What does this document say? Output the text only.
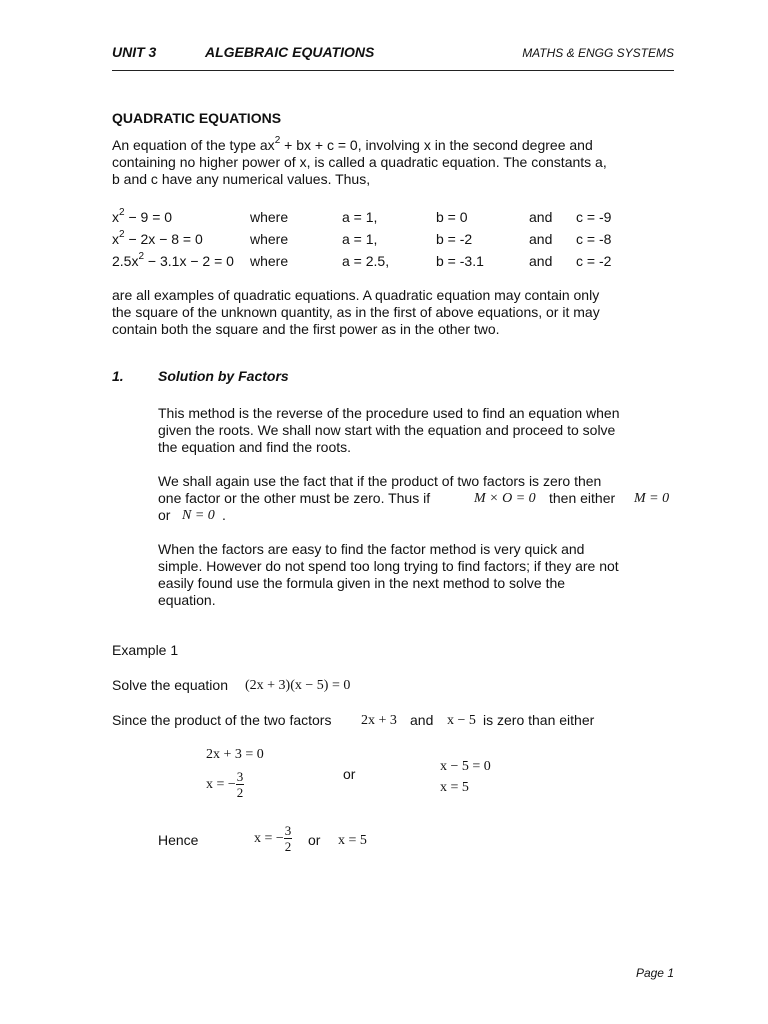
UNIT 3	ALGEBRAIC EQUATIONS	MATHS & ENGG SYSTEMS
QUADRATIC EQUATIONS
An equation of the type $ax^2$ + bx + c = 0, involving x in the second degree and
containing no higher power of x, is called a quadratic equation. The constants a,
b and c have any numerical values. Thus,
$x^2 - 9 = 0$	where	a = 1,	b = 0	and c = -9
$x^2 - 2x - 8 = 0$	where	a = 1,	b = -2	and c = -8
$2.5x^2 - 3.1x - 2 = 0$ where	a = 2.5,	b = -3.1	and c = -2
are all examples of quadratic equations. A quadratic equation may contain only
the square of the unknown quantity, as in the first of above equations, or it may
contain both the square and the first power as in the other two.
1. Solution by Factors
This method is the reverse of the procedure used to find an equation when
given the roots. We shall now start with the equation and proceed to solve
the equation and find the roots.
We shall again use the fact that if the product of two factors is zero then
one factor or the other must be zero. Thus if	M × O = 0 then either M = 0
or N = 0 .
When the factors are easy to find the factor method is very quick and
simple. However do not spend too long trying to find factors; if they are not
easily found use the formula given in the next method to solve the
equation.
Example 1
Solve the equation (2x + 3)(x − 5) = 0
Since the product of the two factors 2x + 3 and x − 5 is zero than either
2x + 3 = 0
x = − $\frac{3}{2}$	or	x − 5 = 0
x = 5
Hence	x = − $\frac{3}{2}$ or x = 5
Page 1
